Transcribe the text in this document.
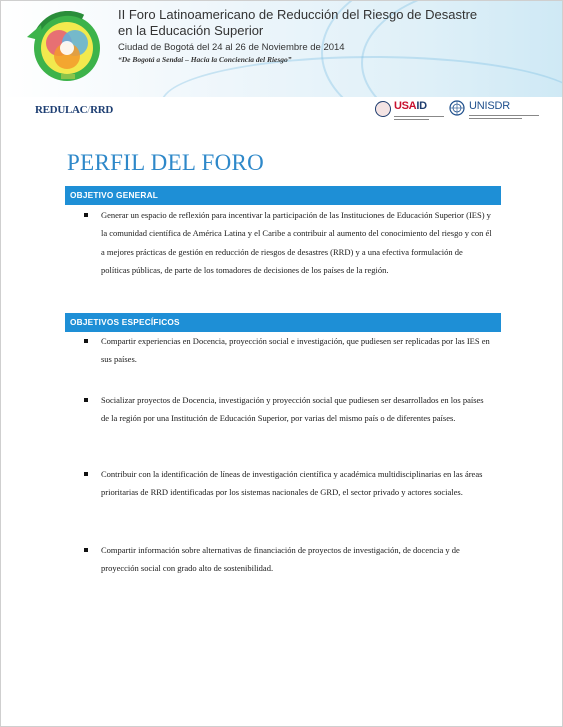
II Foro Latinoamericano de Reducción del Riesgo de Desastre
en la Educación Superior
Ciudad de Bogotá del 24 al 26 de Noviembre de 2014
“De Bogotá a Sendai – Hacia la Conciencia del Riesgo”
REDULAC/RRD	USAID	UNISDR
PERFIL DEL FORO
OBJETIVO GENERAL
Generar un espacio de reflexión para incentivar la participación de las Instituciones de Educación Superior (IES) y la comunidad científica de América Latina y el Caribe a contribuir al aumento del conocimiento del riesgo y con él a mejores prácticas de gestión en reducción de riesgos de desastres (RRD) y a una efectiva formulación de políticas públicas, de parte de los tomadores de decisiones de los países de la región.
OBJETIVOS ESPECÍFICOS
Compartir experiencias en Docencia, proyección social e investigación, que pudiesen ser replicadas por las IES en sus países.
Socializar proyectos de Docencia, investigación y proyección social que pudiesen ser desarrollados en los países de la región por una Institución de Educación Superior, por varias del mismo país o de diferentes países.
Contribuir con la identificación de líneas de investigación científica y académica multidisciplinarias en las áreas prioritarias de RRD identificadas por los sistemas nacionales de GRD, el sector privado y actores sociales.
Compartir información sobre alternativas de financiación de proyectos de investigación, de docencia y de proyección social con grado alto de sostenibilidad.
